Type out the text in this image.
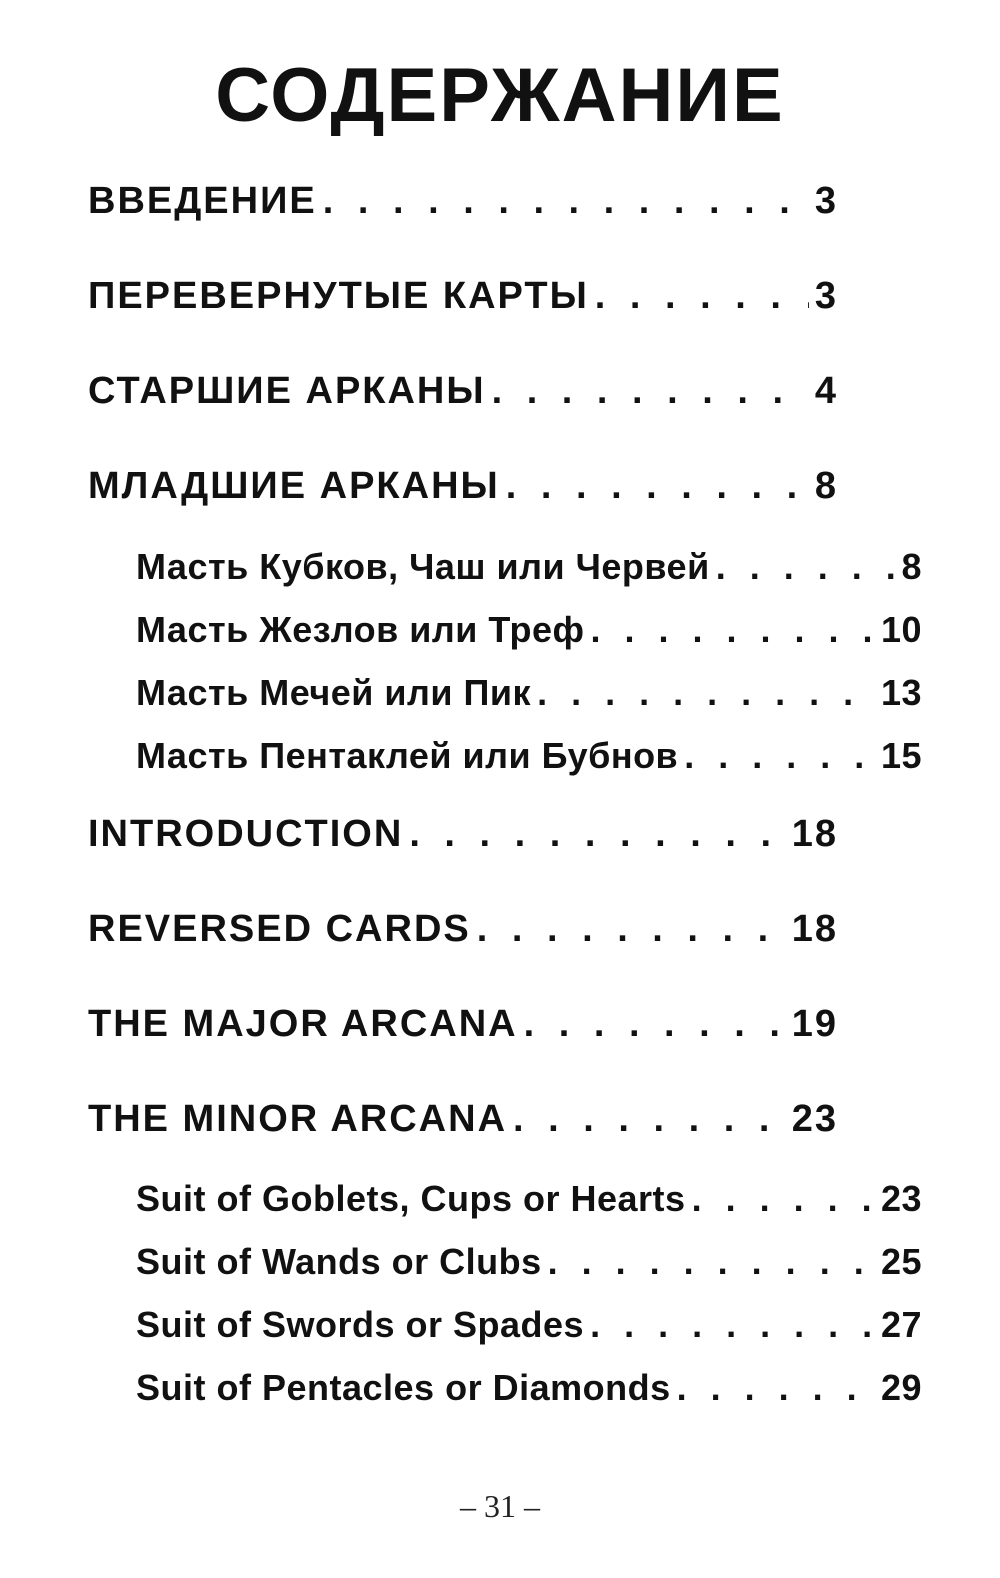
СОДЕРЖАНИЕ
ВВЕДЕНИЕ . . .	3
ПЕРЕВЕРНУТЫЕ КАРТЫ . . .	3
СТАРШИЕ АРКАНЫ . . .	4
МЛАДШИЕ АРКАНЫ . . .	8
Масть Кубков, Чаш или Червей . . .	8
Масть Жезлов или Треф . . .	10
Масть Мечей или Пик . . .	13
Масть Пентаклей или Бубнов . . .	15
INTRODUCTION . . .	18
REVERSED CARDS . . .	18
THE MAJOR ARCANA . . .	19
THE MINOR ARCANA . . .	23
Suit of Goblets, Cups or Hearts . . .	23
Suit of Wands or Clubs . . .	25
Suit of Swords or Spades . . .	27
Suit of Pentacles or Diamonds . . .	29
– 31 –
